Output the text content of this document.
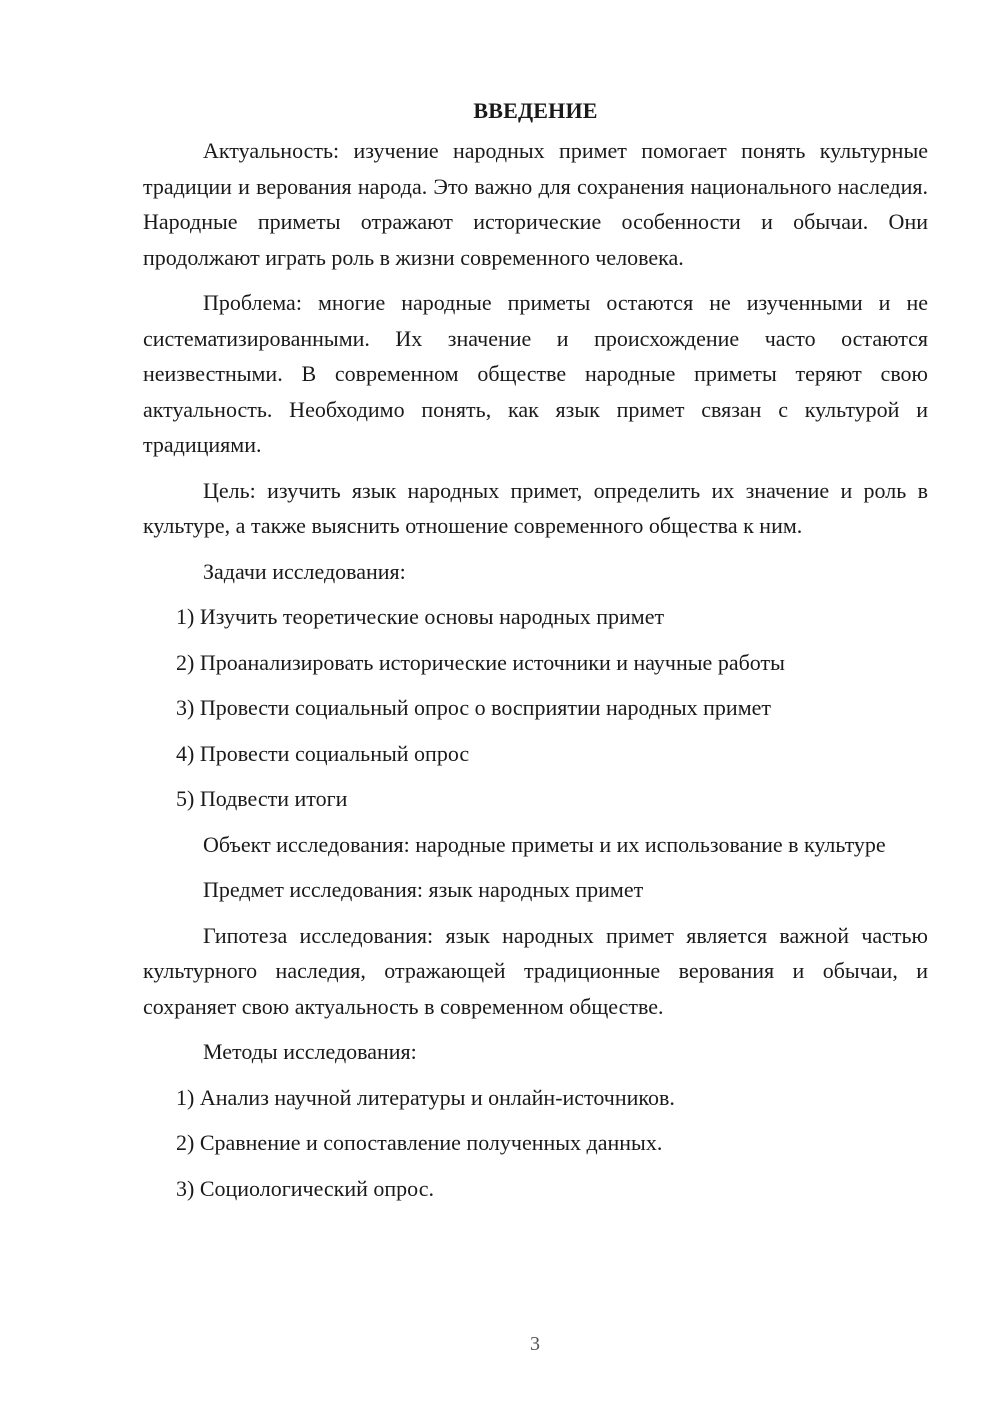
ВВЕДЕНИЕ

Актуальность: изучение народных примет помогает понять культурные традиции и верования народа. Это важно для сохранения национального наследия. Народные приметы отражают исторические особенности и обычаи. Они продолжают играть роль в жизни современного человека.

Проблема: многие народные приметы остаются не изученными и не систематизированными. Их значение и происхождение часто остаются неизвестными. В современном обществе народные приметы теряют свою актуальность. Необходимо понять, как язык примет связан с культурой и традициями.

Цель: изучить язык народных примет, определить их значение и роль в культуре, а также выяснить отношение современного общества к ним.

Задачи исследования:

1) Изучить теоретические основы народных примет
2) Проанализировать исторические источники и научные работы
3) Провести социальный опрос о восприятии народных примет
4) Провести социальный опрос
5) Подвести итоги

Объект исследования: народные приметы и их использование в культуре

Предмет исследования: язык народных примет

Гипотеза исследования: язык народных примет является важной частью культурного наследия, отражающей традиционные верования и обычаи, и сохраняет свою актуальность в современном обществе.

Методы исследования:

1) Анализ научной литературы и онлайн-источников.
2) Сравнение и сопоставление полученных данных.
3) Социологический опрос.
3
